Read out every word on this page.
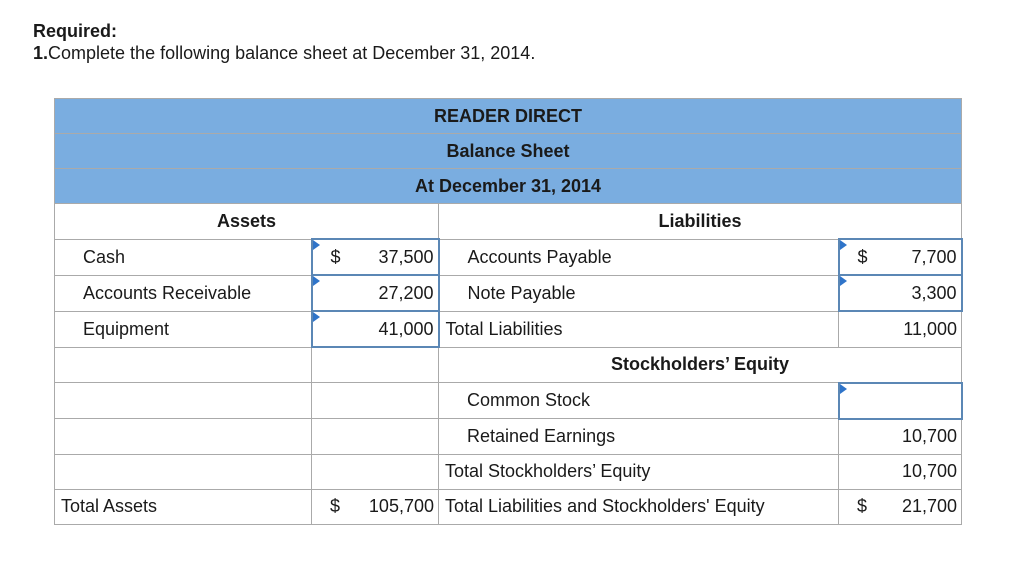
Required:
1.Complete the following balance sheet at December 31, 2014.
READER DIRECT			
Balance Sheet			
At December 31, 2014			
Assets		Liabilities	
Cash	$ 37,500	Accounts Payable	$ 7,700

Accounts Receivable	27,200	Note Payable	3,300
Equipment	41,000	Total Liabilities	11,000
		Stockholders’ Equity	
		Common Stock	
		Retained Earnings	10,700
		Total Stockholders’ Equity	10,700
Total Assets	$ 105,700	Total Liabilities and Stockholders' Equity	$ 21,700
